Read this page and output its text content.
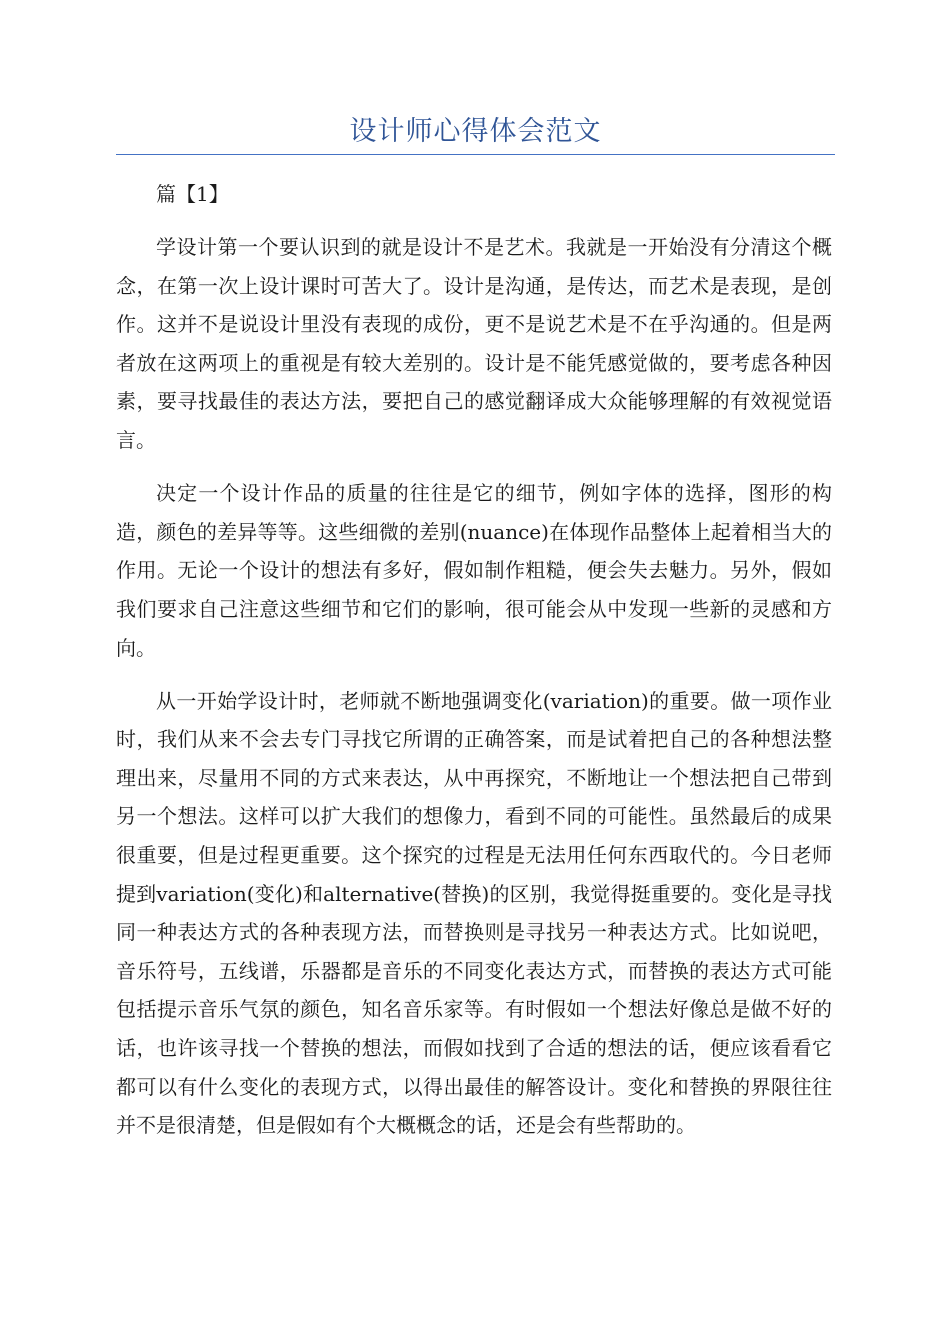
设计师心得体会范文
篇【1】

学设计第一个要认识到的就是设计不是艺术。我就是一开始没有分清这个概念，在第一次上设计课时可苦大了。设计是沟通，是传达，而艺术是表现，是创作。这并不是说设计里没有表现的成份，更不是说艺术是不在乎沟通的。但是两者放在这两项上的重视是有较大差别的。设计是不能凭感觉做的，要考虑各种因素，要寻找最佳的表达方法，要把自己的感觉翻译成大众能够理解的有效视觉语言。

决定一个设计作品的质量的往往是它的细节，例如字体的选择，图形的构造，颜色的差异等等。这些细微的差别(nuance)在体现作品整体上起着相当大的作用。无论一个设计的想法有多好，假如制作粗糙，便会失去魅力。另外，假如我们要求自己注意这些细节和它们的影响，很可能会从中发现一些新的灵感和方向。

从一开始学设计时，老师就不断地强调变化(variation)的重要。做一项作业时，我们从来不会去专门寻找它所谓的正确答案，而是试着把自己的各种想法整理出来，尽量用不同的方式来表达，从中再探究，不断地让一个想法把自己带到另一个想法。这样可以扩大我们的想像力，看到不同的可能性。虽然最后的成果很重要，但是过程更重要。这个探究的过程是无法用任何东西取代的。今日老师提到variation(变化)和alternative(替换)的区别，我觉得挺重要的。变化是寻找同一种表达方式的各种表现方法，而替换则是寻找另一种表达方式。比如说吧，音乐符号，五线谱，乐器都是音乐的不同变化表达方式，而替换的表达方式可能包括提示音乐气氛的颜色，知名音乐家等。有时假如一个想法好像总是做不好的话，也许该寻找一个替换的想法，而假如找到了合适的想法的话，便应该看看它都可以有什么变化的表现方式，以得出最佳的解答设计。变化和替换的界限往往并不是很清楚，但是假如有个大概概念的话，还是会有些帮助的。
